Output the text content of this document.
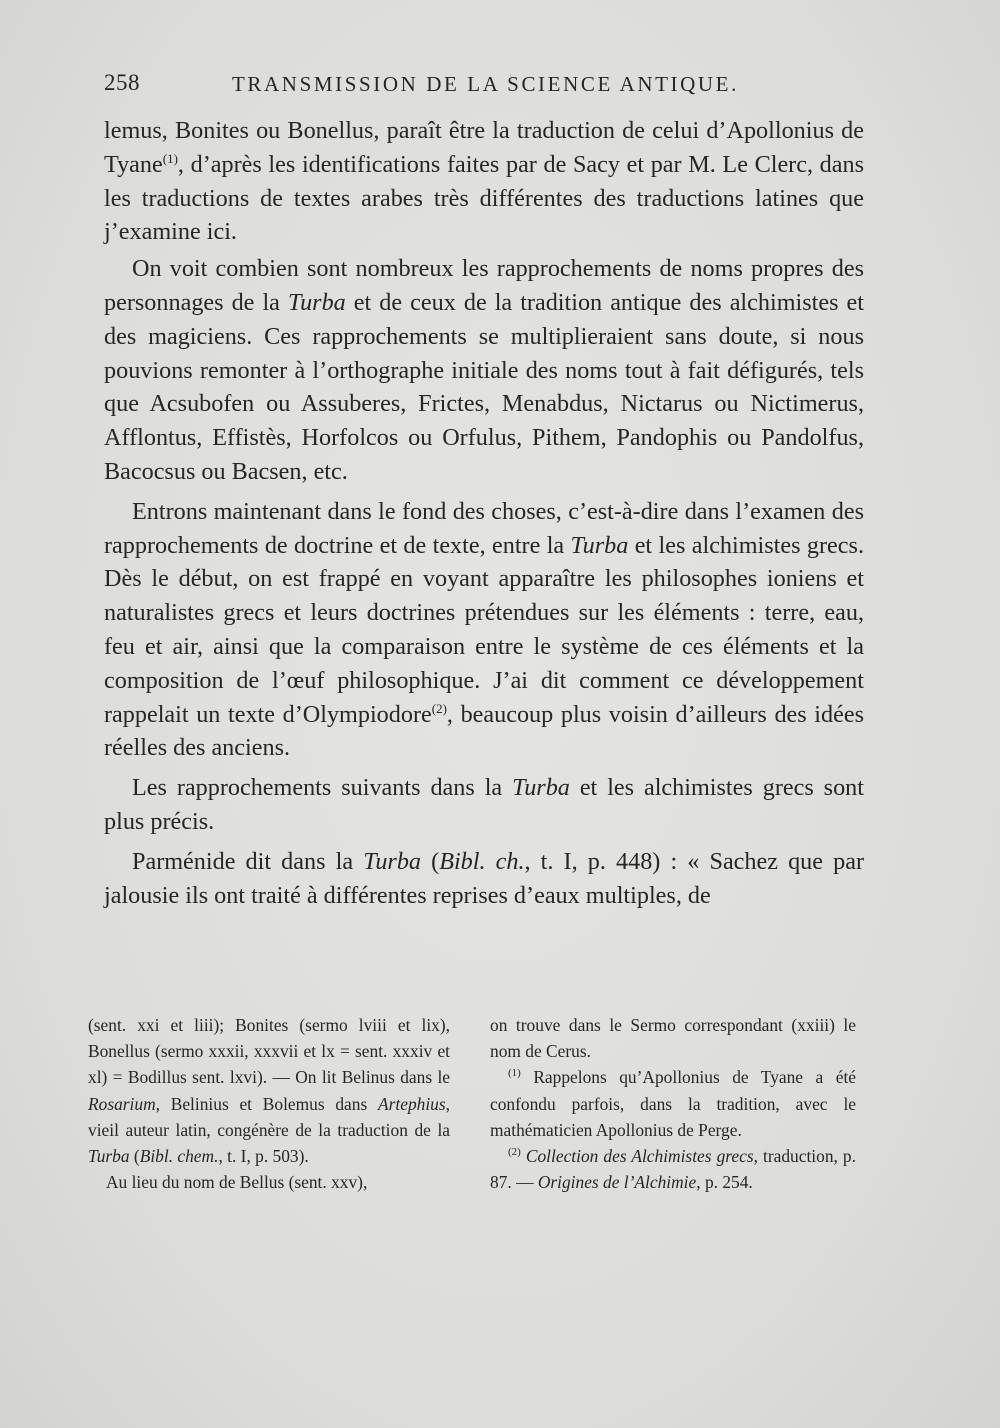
258	TRANSMISSION DE LA SCIENCE ANTIQUE.

lemus, Bonites ou Bonellus, paraît être la traduction de celui d’Apollonius de Tyane$^{(1)}$, d’après les identifications faites par de Sacy et par M. Le Clerc, dans les traductions de textes arabes très différentes des traductions latines que j’examine ici.

On voit combien sont nombreux les rapprochements de noms propres des personnages de la Turba et de ceux de la tradition antique des alchimistes et des magiciens. Ces rapprochements se multiplieraient sans doute, si nous pouvions remonter à l’orthographe initiale des noms tout à fait défigurés, tels que Acsubofen ou Assuberes, Frictes, Menabdus, Nictarus ou Nictimerus, Afflontus, Effistès, Horfolcos ou Orfulus, Pithem, Pandophis ou Pandolfus, Bacocsus ou Bacsen, etc.

Entrons maintenant dans le fond des choses, c’est-à-dire dans l’examen des rapprochements de doctrine et de texte, entre la Turba et les alchimistes grecs. Dès le début, on est frappé en voyant apparaître les philosophes ioniens et naturalistes grecs et leurs doctrines prétendues sur les éléments : terre, eau, feu et air, ainsi que la comparaison entre le système de ces éléments et la composition de l’œuf philosophique. J’ai dit comment ce développement rappelait un texte d’Olympiodore$^{(2)}$, beaucoup plus voisin d’ailleurs des idées réelles des anciens.

Les rapprochements suivants dans la Turba et les alchimistes grecs sont plus précis.

Parménide dit dans la Turba (Bibl. ch., t. I, p. 448) : « Sachez que par jalousie ils ont traité à différentes reprises d’eaux multiples, de

(sent. xxi et liii); Bonites (sermo lviii et lix), Bonellus (sermo xxxii, xxxvii et lx = sent. xxxiv et xl) = Bodillus sent. lxvi). — On lit Belinus dans le Rosarium, Belinius et Bolemus dans Artephius, vieil auteur latin, congénère de la traduction de la Turba (Bibl. chem., t. I, p. 503).

Au lieu du nom de Bellus (sent. xxv),

on trouve dans le Sermo correspondant (xxiii) le nom de Cerus.

$^{(1)}$ Rappelons qu’Apollonius de Tyane a été confondu parfois, dans la tradition, avec le mathématicien Apollonius de Perge.

$^{(2)}$ Collection des Alchimistes grecs, traduction, p. 87. — Origines de l’Alchimie, p. 254.
